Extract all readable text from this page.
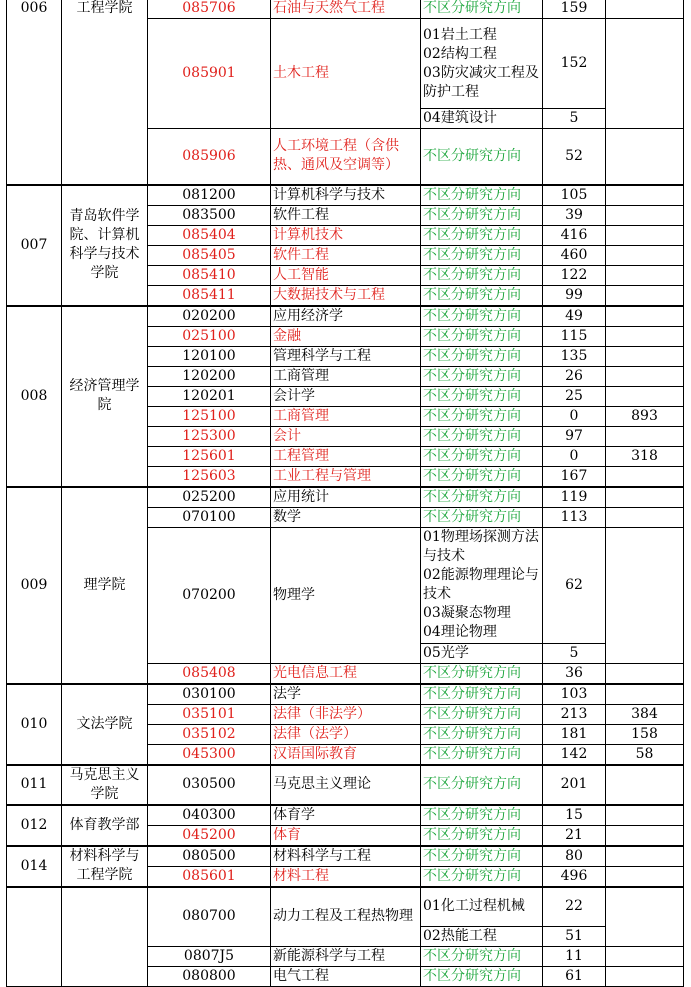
006	工程学院	085706	石油与天然气工程	不区分研究方向	159	
		085901	土木工程	01岩土工程
02结构工程
03防灾减灾工程及防护工程	152	
				04建筑设计	5	
		085906	人工环境工程（含供热、通风及空调等）	不区分研究方向	52	
007	青岛软件学院、计算机科学与技术学院	081200	计算机科学与技术	不区分研究方向	105	
		083500	软件工程	不区分研究方向	39	
		085404	计算机技术	不区分研究方向	416	
		085405	软件工程	不区分研究方向	460	
		085410	人工智能	不区分研究方向	122	
		085411	大数据技术与工程	不区分研究方向	99	
008	经济管理学院	020200	应用经济学	不区分研究方向	49	
		025100	金融	不区分研究方向	115	
		120100	管理科学与工程	不区分研究方向	135	
		120200	工商管理	不区分研究方向	26	
		120201	会计学	不区分研究方向	25	
		125100	工商管理	不区分研究方向	0	893
		125300	会计	不区分研究方向	97	
		125601	工程管理	不区分研究方向	0	318
		125603	工业工程与管理	不区分研究方向	167	
009	理学院	025200	应用统计	不区分研究方向	119	
		070100	数学	不区分研究方向	113	
		070200	物理学	01物理场探测方法与技术
02能源物理理论与技术
03凝聚态物理
04理论物理	62	
				05光学	5	
		085408	光电信息工程	不区分研究方向	36	
010	文法学院	030100	法学	不区分研究方向	103	
		035101	法律（非法学）	不区分研究方向	213	384
		035102	法律（法学）	不区分研究方向	181	158
		045300	汉语国际教育	不区分研究方向	142	58
011	马克思主义学院	030500	马克思主义理论	不区分研究方向	201	
012	体育教学部	040300	体育学	不区分研究方向	15	
		045200	体育	不区分研究方向	21	
014	材料科学与工程学院	080500	材料科学与工程	不区分研究方向	80	
		085601	材料工程	不区分研究方向	496	
		080700	动力工程及工程热物理	01化工过程机械	22	
				02热能工程	51	
		0807J5	新能源科学与工程	不区分研究方向	11	
		080800	电气工程	不区分研究方向	61	
